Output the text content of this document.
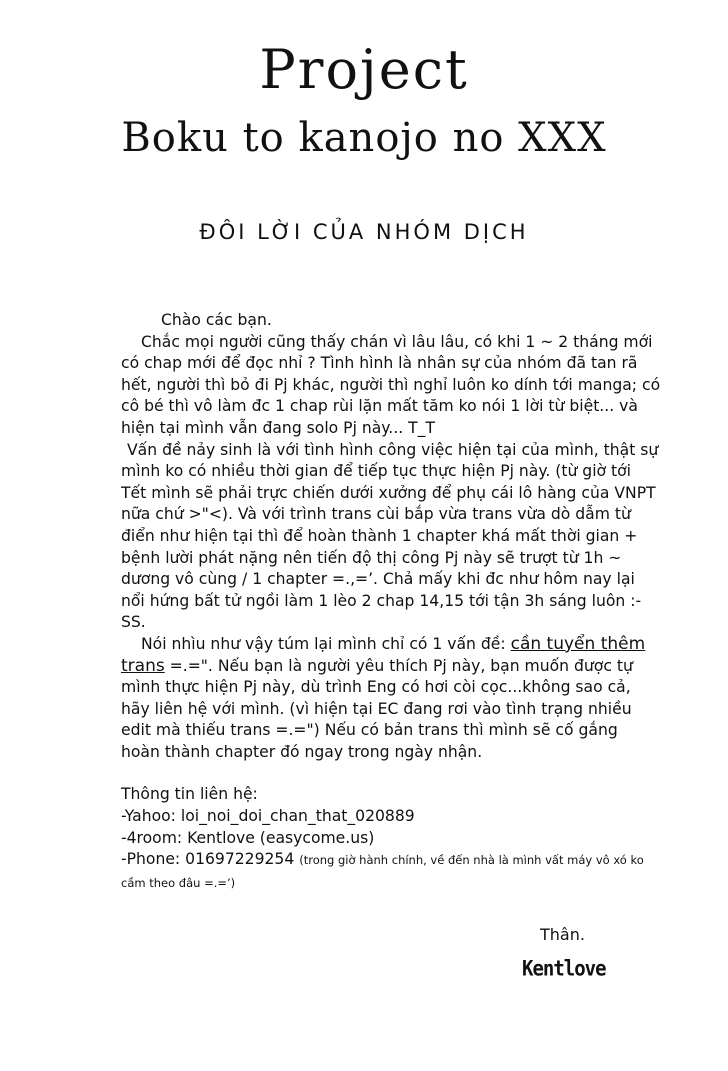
Project
Boku to kanojo no XXX
ĐÔI LỜI CỦA NHÓM DỊCH

Chào các bạn.

Chắc mọi người cũng thấy chán vì lâu lâu, có khi 1 ~ 2 tháng mới có chap mới để đọc nhỉ ? Tình hình là nhân sự của nhóm đã tan rã hết, người thì bỏ đi Pj khác, người thì nghỉ luôn ko dính tới manga; có cô bé thì vô làm đc 1 chap rùi lặn mất tăm ko nói 1 lời từ biệt... và hiện tại mình vẫn đang solo Pj này... T_T

Vấn đề nảy sinh là với tình hình công việc hiện tại của mình, thật sự mình ko có nhiều thời gian để tiếp tục thực hiện Pj này. (từ giờ tới Tết mình sẽ phải trực chiến dưới xưởng để phụ cái lô hàng của VNPT nữa chứ >"<). Và với trình trans cùi bắp vừa trans vừa dò dẫm từ điển như hiện tại thì để hoàn thành 1 chapter khá mất thời gian + bệnh lười phát nặng nên tiến độ thị công Pj này sẽ trượt từ 1h ~ dương vô cùng / 1 chapter =.,=’. Chả mấy khi đc như hôm nay lại nổi hứng bất tử ngồi làm 1 lèo 2 chap 14,15 tới tận 3h sáng luôn :-SS.

Nói nhìu như vậy túm lại mình chỉ có 1 vấn đề: cần tuyển thêm trans =.=". Nếu bạn là người yêu thích Pj này, bạn muốn được tự mình thực hiện Pj này, dù trình Eng có hơi còi cọc...không sao cả, hãy liên hệ với mình. (vì hiện tại EC đang rơi vào tình trạng nhiều edit mà thiếu trans =.=") Nếu có bản trans thì mình sẽ cố gắng hoàn thành chapter đó ngay trong ngày nhận.

Thông tin liên hệ:

-Yahoo: loi_noi_doi_chan_that_020889

-4room: Kentlove (easycome.us)

-Phone: 01697229254 (trong giờ hành chính, về đến nhà là mình vất máy vô xó ko cầm theo đâu =.=’)

Thân.
Kentlove
